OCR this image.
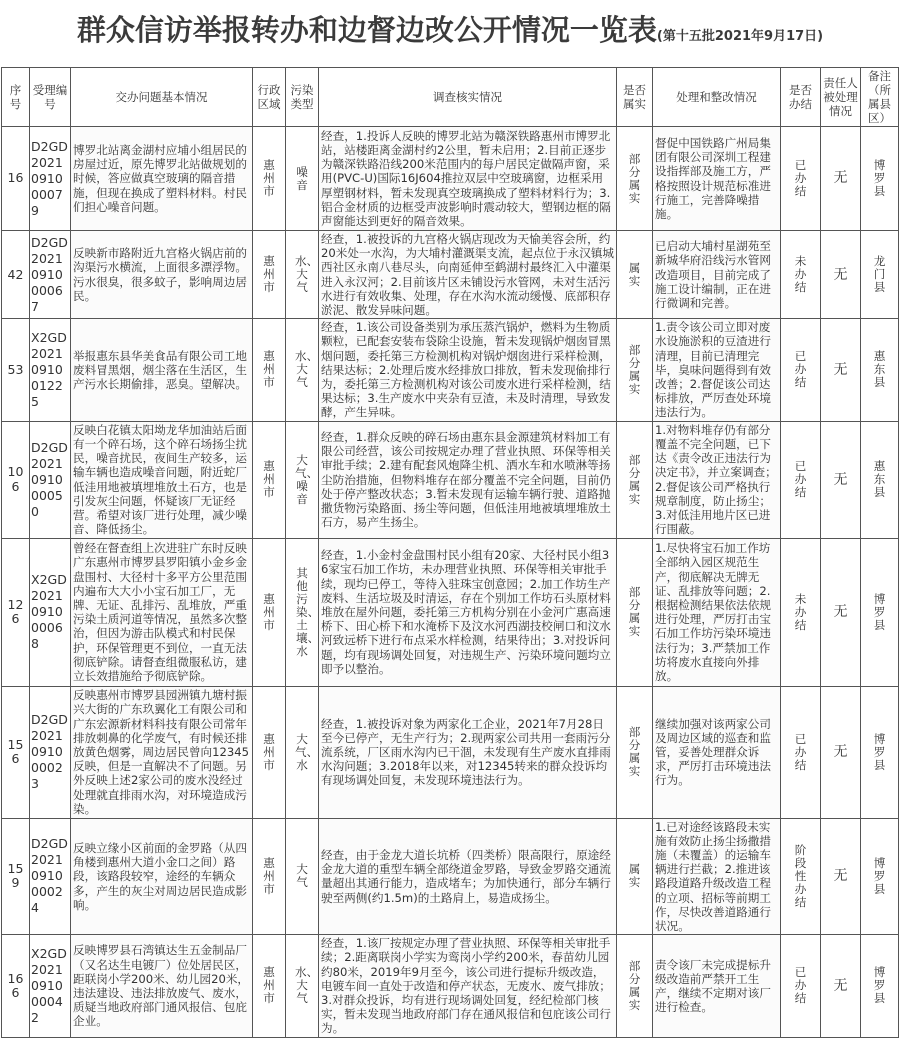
群众信访举报转办和边督边改公开情况一览表(第十五批2021年9月17日)
序号	受理编号	交办问题基本情况	行政区域	污染类型	调查核实情况	是否属实	处理和整改情况	是否办结	责任人被处理情况	备注（所属县区）
16	D2GD2021091000079	博罗北站离金湖村应埔小组居民的房屋过近，原先博罗北站做规划的时候，答应做真空玻璃的隔音措施，但现在换成了塑料材料。村民们担心噪音问题。	惠州市	噪音	经查，1.投诉人反映的博罗北站为赣深铁路惠州市博罗北站，站楼距离金湖村约2公里，暂未启用；2.目前正逐步为赣深铁路沿线200米范围内的每户居民定做隔声窗，采用(PVC-U)国际16J604推拉双层中空玻璃窗，边框采用厚塑钢材料，暂未发现真空玻璃换成了塑料材料行为；3.铝合金材质的边框受声波影响时震动较大，塑钢边框的隔声窗能达到更好的隔音效果。	部分属实	督促中国铁路广州局集团有限公司深圳工程建设指挥部及施工方，严格按照设计规范标准进行施工，完善降噪措施。	已办结	无	博罗县
42	D2GD2021091000067	反映新市路附近九宫格火锅店前的沟渠污水横流，上面很多漂浮物。污水很臭，很多蚊子，影响周边居民。	惠州市	水、大气	经查，1.被投诉的九宫格火锅店现改为天愉美容会所，约20米处一水沟，为大埔村灌溉渠支流，起点位于永汉镇城西社区永南八巷尽头，向南延伸至鹤湖村最终汇入中灌渠进入永汉河；2.目前该片区未铺设污水管网，未对生活污水进行有效收集、处理，存在水沟水流动缓慢、底部积存淤泥、散发异味问题。	属实	已启动大埔村星湖苑至新城华府沿线污水管网改造项目，目前完成了施工设计编制，正在进行微调和完善。	未办结	无	龙门县
53	X2GD2021091001225	举报惠东县华美食品有限公司工地废料冒黑烟，烟尘落在生活区，生产污水长期偷排，恶臭。望解决。	惠州市	水、大气	经查，1.该公司设备类别为承压蒸汽锅炉，燃料为生物质颗粒，已配套安装布袋除尘设施，暂未发现锅炉烟囱冒黑烟问题，委托第三方检测机构对锅炉烟囱进行采样检测，结果达标；2.处理后废水经排放口排放，暂未发现偷排行为，委托第三方检测机构对该公司废水进行采样检测，结果达标；3.生产废水中夹杂有豆渣，未及时清理，导致发酵，产生异味。	部分属实	1.责令该公司立即对废水设施淤积的豆渣进行清理，目前已清理完毕，臭味问题得到有效改善；2.督促该公司达标排放，严厉查处环境违法行为。	已办结	无	惠东县
106	D2GD2021091000050	反映白花镇太阳坳龙华加油站后面有一个碎石场，这个碎石场扬尘扰民，噪音扰民，夜间生产较多，运输车辆也造成噪音问题，附近蛇厂低洼用地被填埋堆放土石方，也是引发灰尘问题，怀疑该厂无证经营。希望对该厂进行处理，减少噪音、降低扬尘。	惠州市	大气、噪音	经查，1.群众反映的碎石场由惠东县金源建筑材料加工有限公司经营，该公司按规定办理了营业执照、环保等相关审批手续；2.建有配套风炮降尘机、洒水车和水喷淋等扬尘防治措施，但物料堆存在部分覆盖不完全问题，目前仍处于停产整改状态；3.暂未发现有运输车辆行驶、道路抛撒货物污染路面、扬尘等问题，但低洼用地被填埋堆放土石方，易产生扬尘。	部分属实	1.对物料堆存仍有部分覆盖不完全问题，已下达《责令改正违法行为决定书》，并立案调查；2.督促该公司严格执行规章制度，防止扬尘；3.对低洼用地片区已进行围蔽。	已办结	无	惠东县
126	X2GD2021091000068	曾经在督查组上次进驻广东时反映广东惠州市博罗县罗阳镇小金乡金盘围村、大径村十多平方公里范围内遍布大大小小宝石加工厂，无牌、无证、乱排污、乱堆放，严重污染土质河道等情况，虽然多次整治，但因为游击队模式和村民保护，环保管理更不到位，一直无法彻底铲除。请督查组微服私访，建立长效措施给予彻底铲除。	惠州市	其他污染、土壤、水	经查，1.小金村金盘围村民小组有20家、大径村民小组36家宝石加工作坊，未办理营业执照、环保等相关审批手续，现均已停工，等待入驻珠宝创意园；2.加工作坊生产废料、生活垃圾及时清运，存在个别加工作坊石头原材料堆放在屋外问题，委托第三方机构分别在小金河广惠高速桥下、田心桥下和水淹桥下及汶水河西湖技校闸口和汶水河致远桥下进行布点采水样检测，结果待出；3.对投诉问题，均有现场调处回复，对违规生产、污染环境问题均立即予以整治。	部分属实	1.尽快将宝石加工作坊全部纳入园区规范生产，彻底解决无牌无证、乱排放等问题；2.根据检测结果依法依规进行处理，严厉打击宝石加工作坊污染环境违法行为；3.严禁加工作坊将废水直接向外排放。	未办结	无	博罗县
156	D2GD2021091000023	反映惠州市博罗县园洲镇九塘村振兴大街的广东玖翼化工有限公司和广东宏源新材料科技有限公司常年排放刺鼻的化学废气，有时候还排放黄色烟雾，周边居民曾向12345反映，但是一直解决不了问题。另外反映上述2家公司的废水没经过处理就直排雨水沟，对环境造成污染。	惠州市	大气、水	经查，1.被投诉对象为两家化工企业，2021年7月28日至今已停产，无生产行为；2.现两家公司共用一套雨污分流系统，厂区雨水沟内已干涸，未发现有生产废水直排雨水沟问题；3.2018年以来，对12345转来的群众投诉均有现场调处回复，未发现环境违法行为。	部分属实	继续加强对该两家公司及周边区域的巡查和监管，妥善处理群众诉求，严厉打击环境违法行为。	已办结	无	博罗县
159	D2GD2021091000024	反映立缘小区前面的金罗路（从四角楼到惠州大道小金口之间）路段，该路段较窄，途经的车辆众多，产生的灰尘对周边居民造成影响。	惠州市	大气	经查，由于金龙大道长坑桥（四类桥）限高限行，原途经金龙大道的重型车辆全部绕道金罗路，导致金罗路交通流量超出其通行能力，造成堵车；为加快通行，部分车辆行驶至两侧(约1.5m)的土路肩上，易造成扬尘。	属实	1.已对途经该路段未实施有效防止扬尘扬撒措施（未覆盖）的运输车辆进行拦截；2.推进该路段道路升级改造工程的立项、招标等前期工作，尽快改善道路通行状况。	阶段性办结	无	博罗县
166	X2GD2021091000042	反映博罗县石湾镇达生五金制品厂（又名达生电镀厂）位处居民区，距联岗小学200米、幼儿园20米，违法建设、违法排放废气、废水，质疑当地政府部门通风报信、包庇企业。	惠州市	水、大气	经查，1.该厂按规定办理了营业执照、环保等相关审批手续；2.距离联岗小学实为鸾岗小学约200米，春苗幼儿园约80米，2019年9月至今，该公司进行提标升级改造，电镀车间一直处于改造和停产状态，无废水、废气排放；3.对群众投诉，均有进行现场调处回复，经纪检部门核实，暂未发现当地政府部门存在通风报信和包庇该公司行为。	部分属实	责令该厂未完成提标升级改造前严禁开工生产，继续不定期对该厂进行检查。	已办结	无	博罗县
